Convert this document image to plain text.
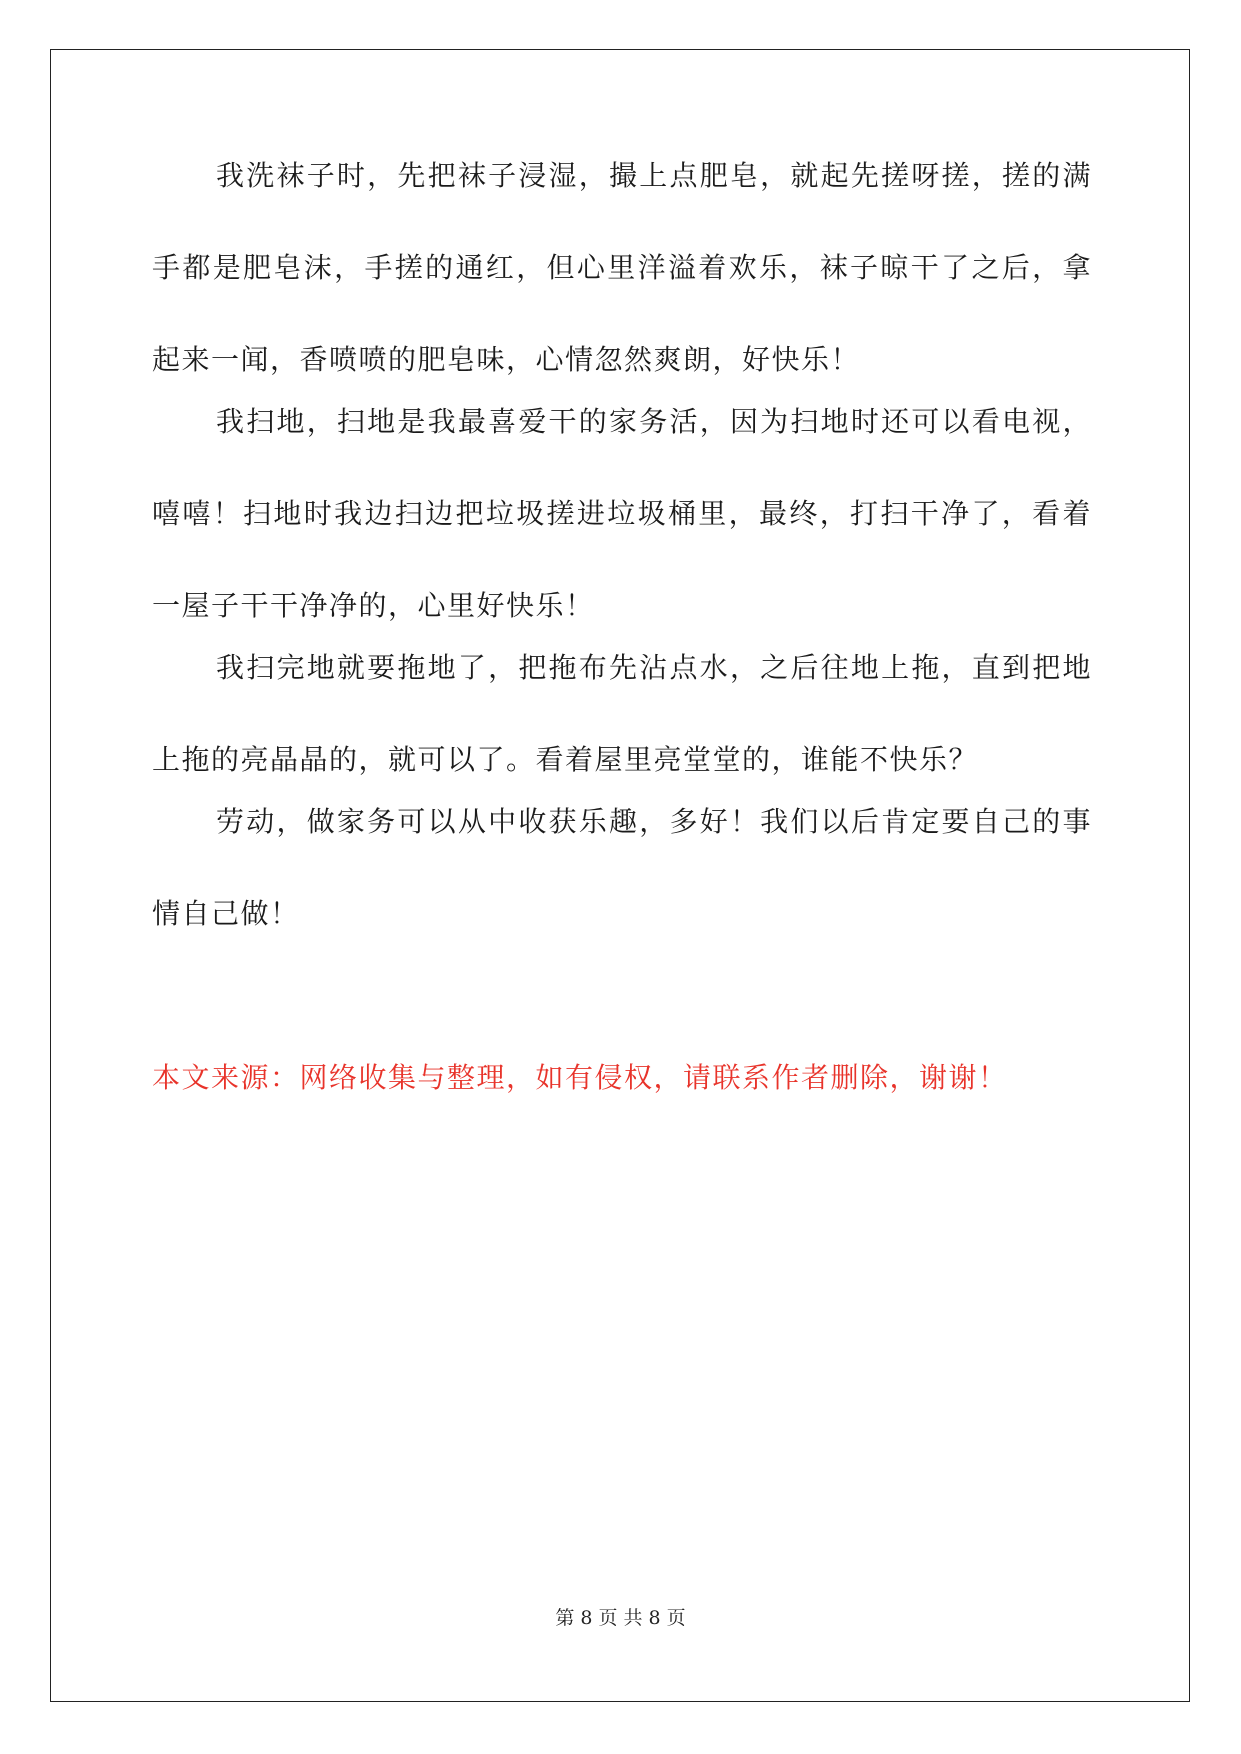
我洗袜子时，先把袜子浸湿，撮上点肥皂，就起先搓呀搓，搓的满手都是肥皂沫，手搓的通红，但心里洋溢着欢乐，袜子晾干了之后，拿起来一闻，香喷喷的肥皂味，心情忽然爽朗，好快乐！

我扫地，扫地是我最喜爱干的家务活，因为扫地时还可以看电视，嘻嘻！扫地时我边扫边把垃圾搓进垃圾桶里，最终，打扫干净了，看着一屋子干干净净的，心里好快乐！

我扫完地就要拖地了，把拖布先沾点水，之后往地上拖，直到把地上拖的亮晶晶的，就可以了。看着屋里亮堂堂的，谁能不快乐？

劳动，做家务可以从中收获乐趣，多好！我们以后肯定要自己的事情自己做！

本文来源：网络收集与整理，如有侵权，请联系作者删除，谢谢！

第 8 页 共 8 页
